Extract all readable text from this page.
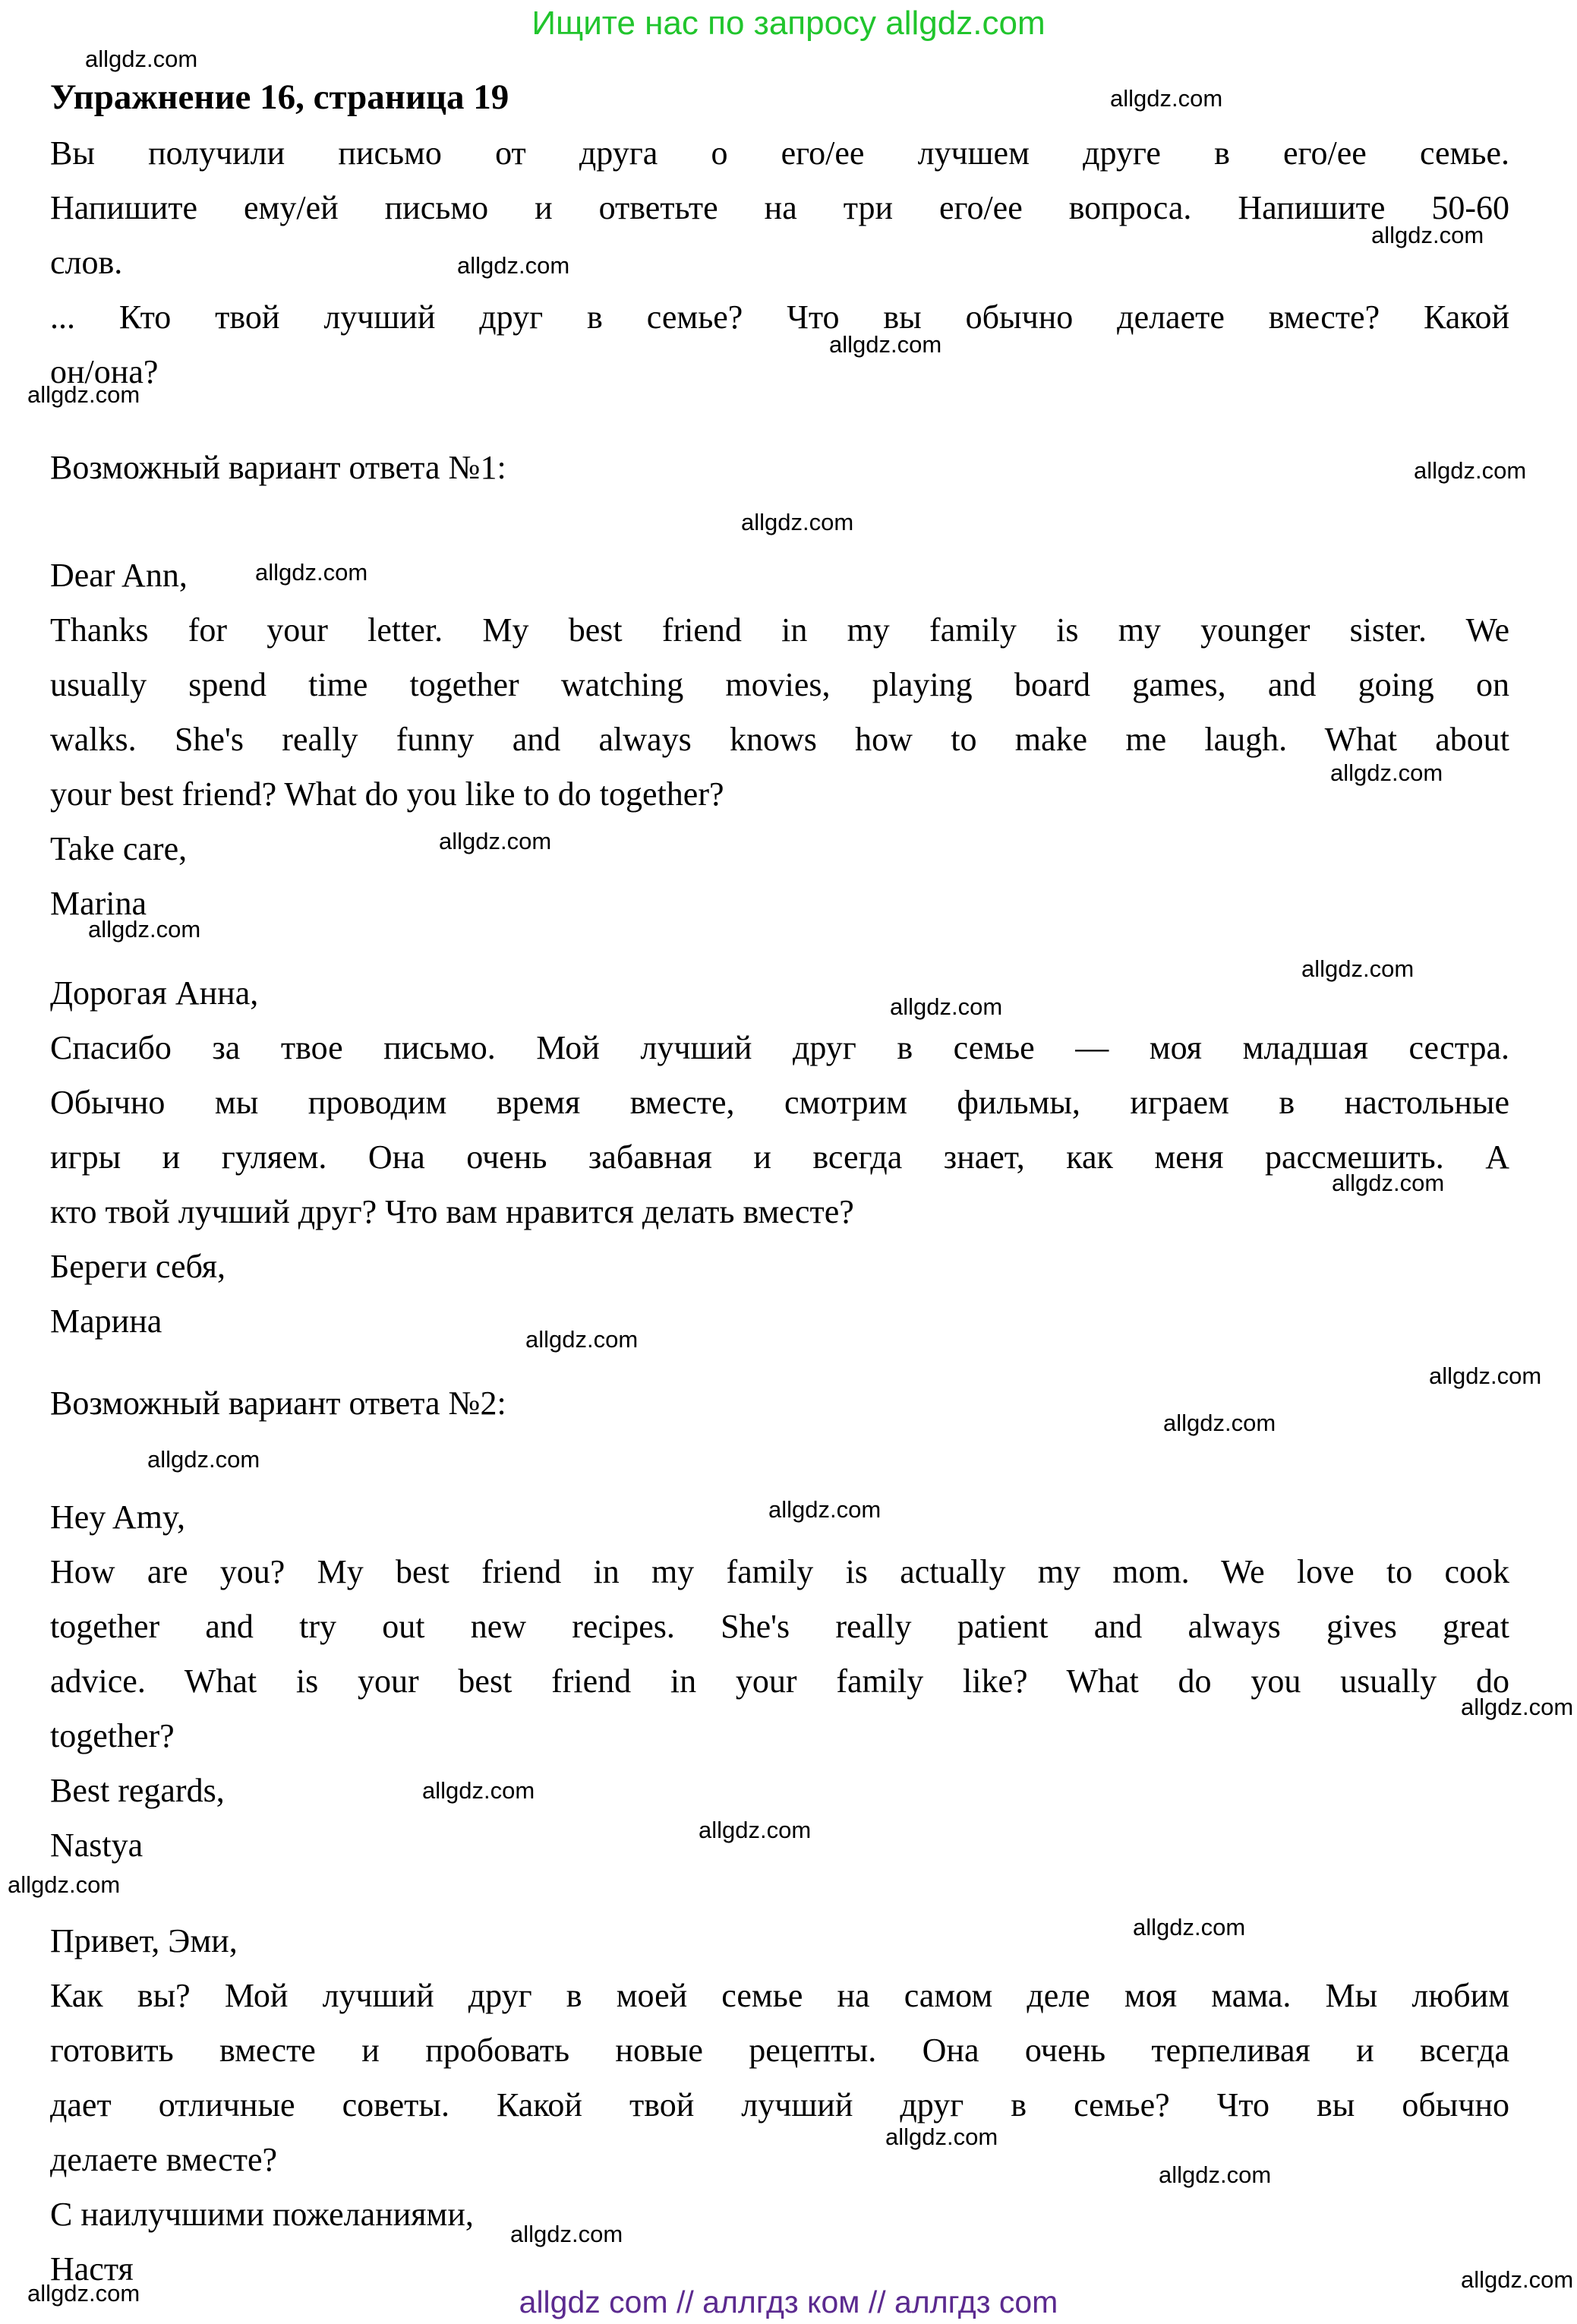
Ищите нас по запросу allgdz.com
Упражнение 16, страница 19
Вы получили письмо от друга о его/ее лучшем друге в его/ее семье.
Напишите ему/ей письмо и ответьте на три его/ее вопроса. Напишите 50-60
слов.
... Кто твой лучший друг в семье? Что вы обычно делаете вместе? Какой
он/она?
Возможный вариант ответа №1:
Dear Ann,
Thanks for your letter. My best friend in my family is my younger sister. We
usually spend time together watching movies, playing board games, and going on
walks. She's really funny and always knows how to make me laugh. What about
your best friend? What do you like to do together?
Take care,
Marina
Дорогая Анна,
Спасибо за твое письмо. Мой лучший друг в семье — моя младшая сестра.
Обычно мы проводим время вместе, смотрим фильмы, играем в настольные
игры и гуляем. Она очень забавная и всегда знает, как меня рассмешить. А
кто твой лучший друг? Что вам нравится делать вместе?
Береги себя,
Марина
Возможный вариант ответа №2:
Hey Amy,
How are you? My best friend in my family is actually my mom. We love to cook
together and try out new recipes. She's really patient and always gives great
advice. What is your best friend in your family like? What do you usually do
together?
Best regards,
Nastya
Привет, Эми,
Как вы? Мой лучший друг в моей семье на самом деле моя мама. Мы любим
готовить вместе и пробовать новые рецепты. Она очень терпеливая и всегда
дает отличные советы. Какой твой лучший друг в семье? Что вы обычно
делаете вместе?
С наилучшими пожеланиями,
Настя
allgdz.com
allgdz.com
allgdz.com
allgdz.com
allgdz.com
allgdz.com
allgdz.com
allgdz.com
allgdz.com
allgdz.com
allgdz.com
allgdz.com
allgdz.com
allgdz.com
allgdz.com
allgdz.com
allgdz.com
allgdz.com
allgdz.com
allgdz.com
allgdz.com
allgdz.com
allgdz.com
allgdz.com
allgdz.com
allgdz.com
allgdz.com
allgdz.com
allgdz.com
allgdz.com	allgdz com // аллгдз ком // аллгдз com
